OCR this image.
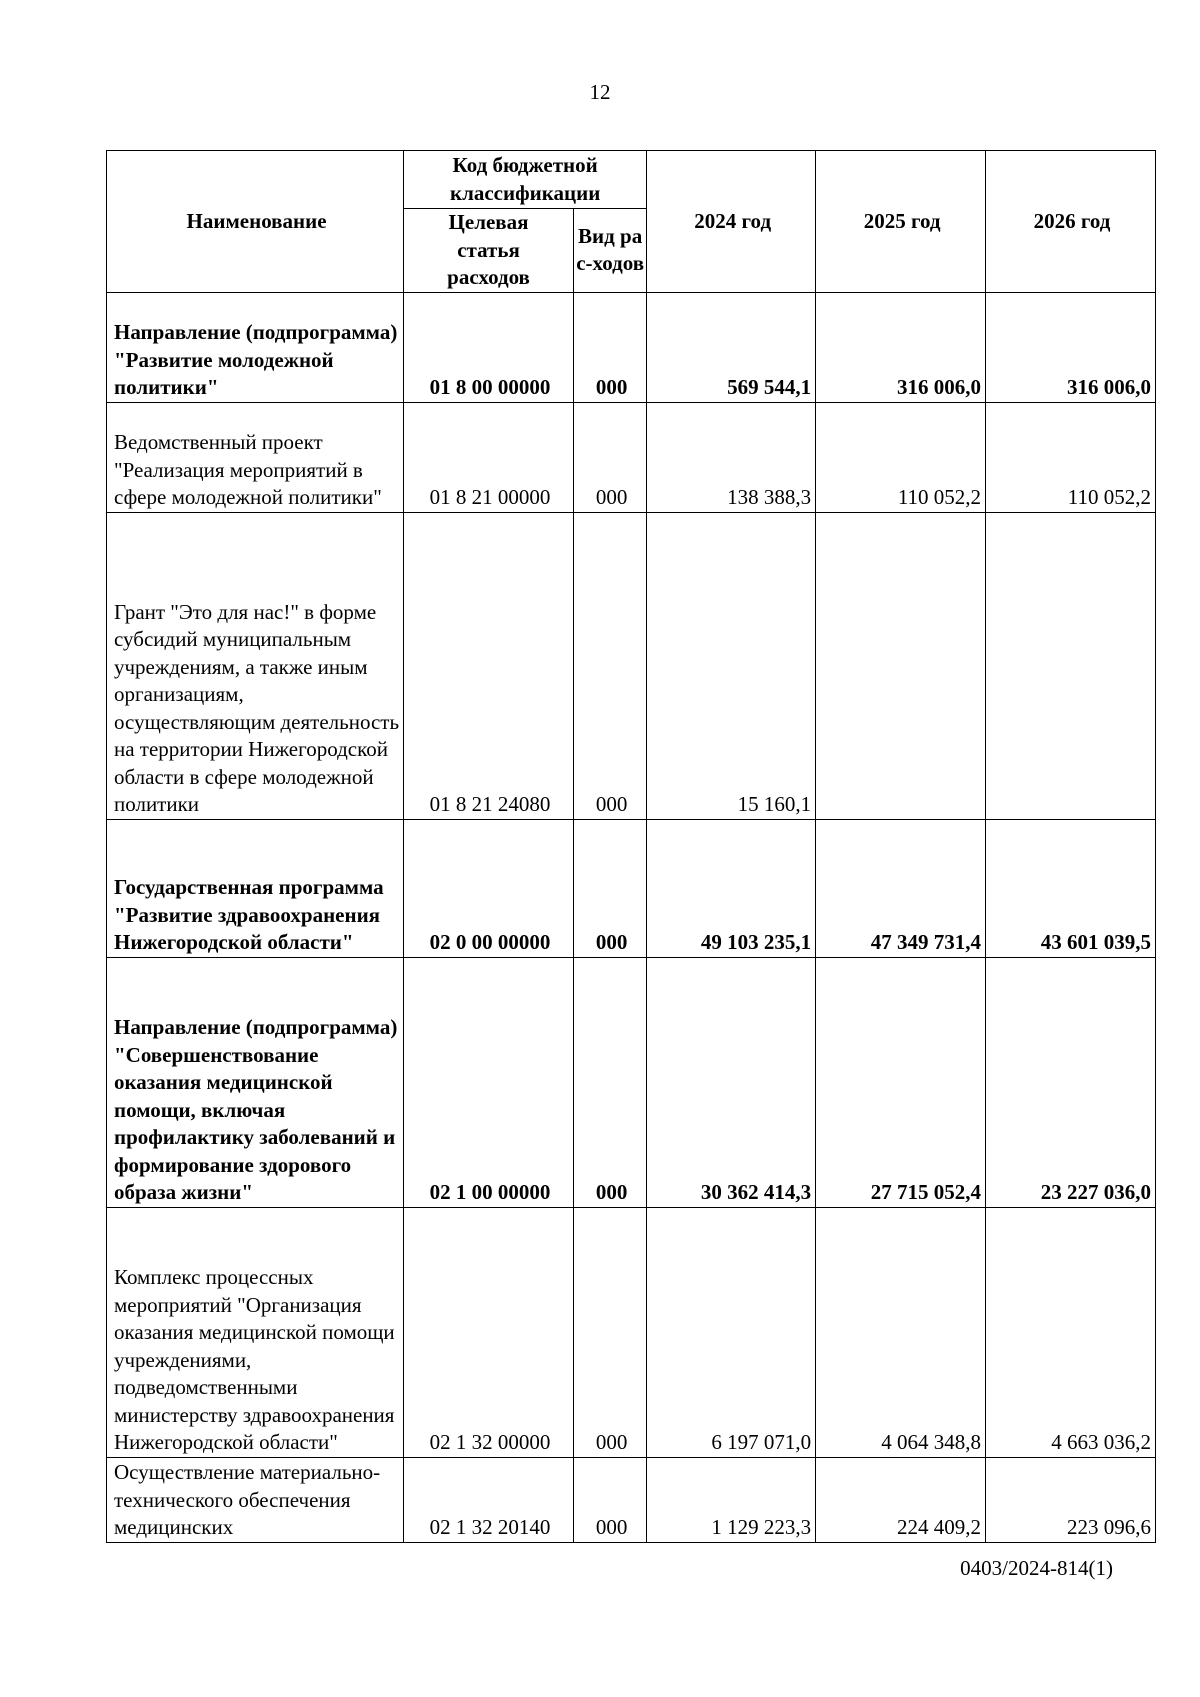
12
Наименование	Код бюджетной классификации		2024 год	2025 год	2026 год
	Целевая статья расходов	Вид рас-ходов			
Направление (подпрограмма) "Развитие молодежной политики"	01 8 00 00000	000	569 544,1	316 006,0	316 006,0
Ведомственный проект "Реализация мероприятий в сфере молодежной политики"	01 8 21 00000	000	138 388,3	110 052,2	110 052,2
Грант "Это для нас!" в форме субсидий муниципальным учреждениям, а также иным организациям, осуществляющим деятельность на территории Нижегородской области в сфере молодежной политики	01 8 21 24080	000	15 160,1		
Государственная программа "Развитие здравоохранения Нижегородской области"	02 0 00 00000	000	49 103 235,1	47 349 731,4	43 601 039,5
Направление (подпрограмма) "Совершенствование оказания медицинской помощи, включая профилактику заболеваний и формирование здорового образа жизни"	02 1 00 00000	000	30 362 414,3	27 715 052,4	23 227 036,0
Комплекс процессных мероприятий "Организация оказания медицинской помощи учреждениями, подведомственными министерству здравоохранения Нижегородской области"	02 1 32 00000	000	6 197 071,0	4 064 348,8	4 663 036,2
Осуществление материально-технического обеспечения медицинских	02 1 32 20140	000	1 129 223,3	224 409,2	223 096,6
0403/2024-814(1)
